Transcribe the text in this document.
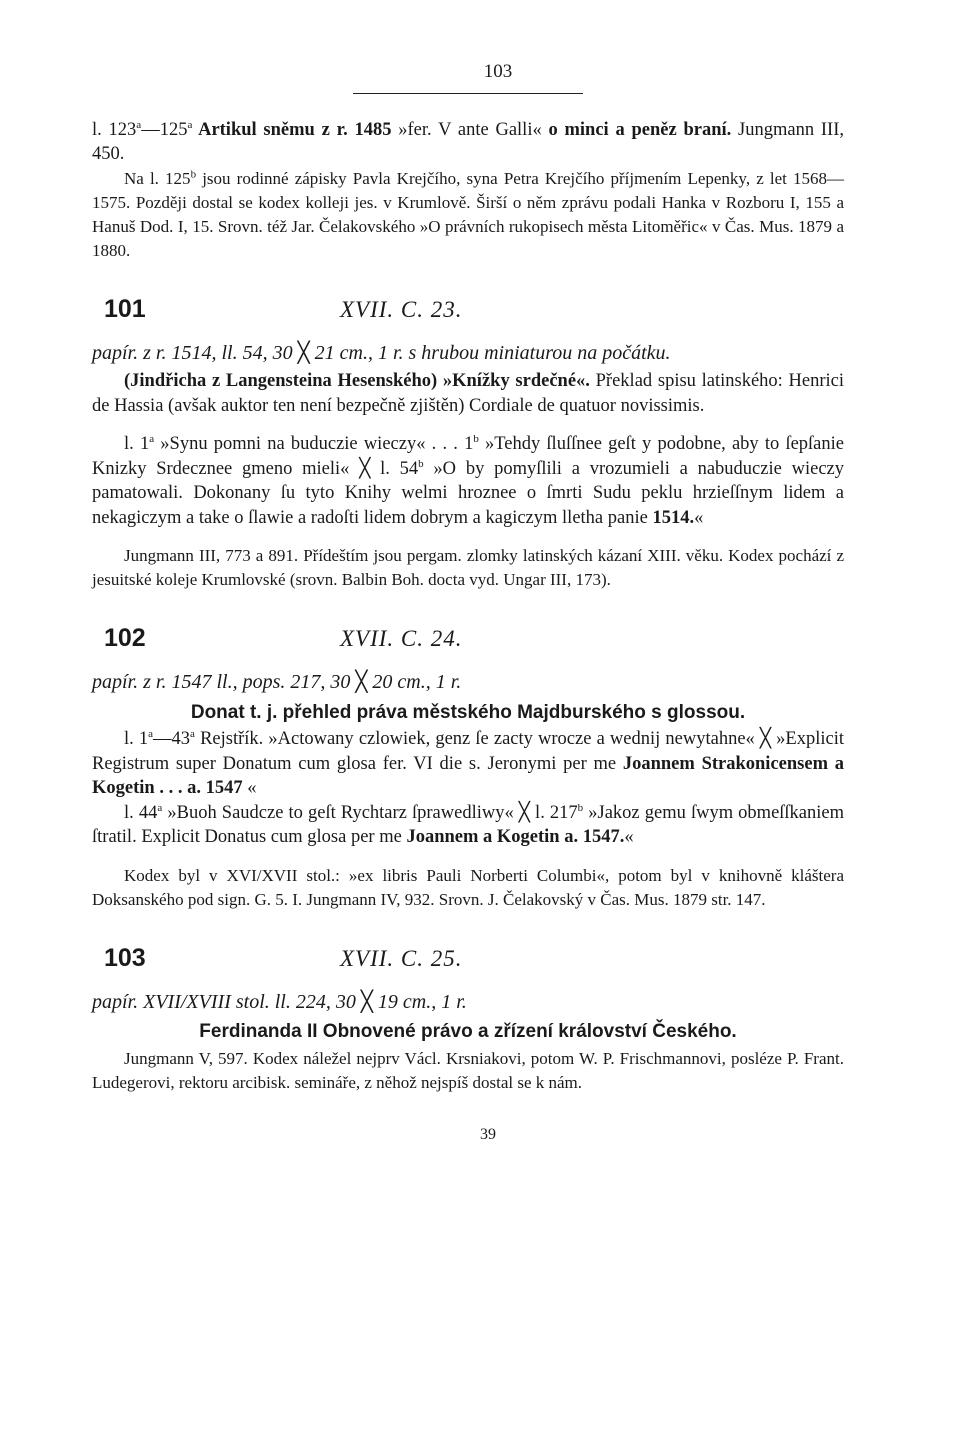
103

l. 123$^a$—125$^a$ Artikul sněmu z r. 1485 »fer. V ante Galli« o minci a peněz braní. Jungmann III, 450.

Na l. 125$^b$ jsou rodinné zápisky Pavla Krejčího, syna Petra Krejčího příjmením Lepenky, z let 1568—1575. Později dostal se kodex kolleji jes. v Krumlově. Širší o něm zprávu podali Hanka v Rozboru I, 155 a Hanuš Dod. I, 15. Srovn. též Jar. Čelakovského »O právních rukopisech města Litoměřic« v Čas. Mus. 1879 a 1880.

101	XVII. C. 23.
papír. z r. 1514, ll. 54, 30 ╳ 21 cm., 1 r. s hrubou miniaturou na počátku.

(Jindřicha z Langensteina Hesenského) »Knížky srdečné«. Překlad spisu latinského: Henrici de Hassia (avšak auktor ten není bezpečně zjištěn) Cordiale de quatuor novissimis.

l. 1$^a$ »Synu pomni na buduczie wieczy« . . . 1$^b$ »Tehdy ſluſſnee geſt y podobne, aby to ſepſanie Knizky Srdecznee gmeno mieli« ╳ l. 54$^b$ »O by pomyſlili a vrozumieli a nabuduczie wieczy pamatowali. Dokonany ſu tyto Knihy welmi hroznee o ſmrti Sudu peklu hrzieſſnym lidem a nekagiczym a take o ſlawie a radoſti lidem dobrym a kagiczym lletha panie 1514.«

Jungmann III, 773 a 891. Přídeštím jsou pergam. zlomky latinských kázaní XIII. věku. Kodex pochází z jesuitské koleje Krumlovské (srovn. Balbin Boh. docta vyd. Ungar III, 173).

102	XVII. C. 24.
papír. z r. 1547 ll., pops. 217, 30 ╳ 20 cm., 1 r.
Donat t. j. přehled práva městského Majdburského s glossou.

l. 1$^a$—43$^a$ Rejstřík. »Actowany czlowiek, genz ſe zacty wrocze a wednij newytahne« ╳ »Explicit Registrum super Donatum cum glosa fer. VI die s. Jeronymi per me Joannem Strakonicensem a Kogetin . . . a. 1547 «

l. 44$^a$ »Buoh Saudcze to geſt Rychtarz ſprawedliwy« ╳ l. 217$^b$ »Jakoz gemu ſwym obmeſſkaniem ſtratil. Explicit Donatus cum glosa per me Joannem a Kogetin a. 1547.«

Kodex byl v XVI/XVII stol.: »ex libris Pauli Norberti Columbi«, potom byl v knihovně kláštera Doksanského pod sign. G. 5. I. Jungmann IV, 932. Srovn. J. Čelakovský v Čas. Mus. 1879 str. 147.

103	XVII. C. 25.
papír. XVII/XVIII stol. ll. 224, 30 ╳ 19 cm., 1 r.
Ferdinanda II Obnovené právo a zřízení království Českého.

Jungmann V, 597. Kodex náležel nejprv Václ. Krsniakovi, potom W. P. Frischmannovi, posléze P. Frant. Ludegerovi, rektoru arcibisk. semináře, z něhož nejspíš dostal se k nám.

39
